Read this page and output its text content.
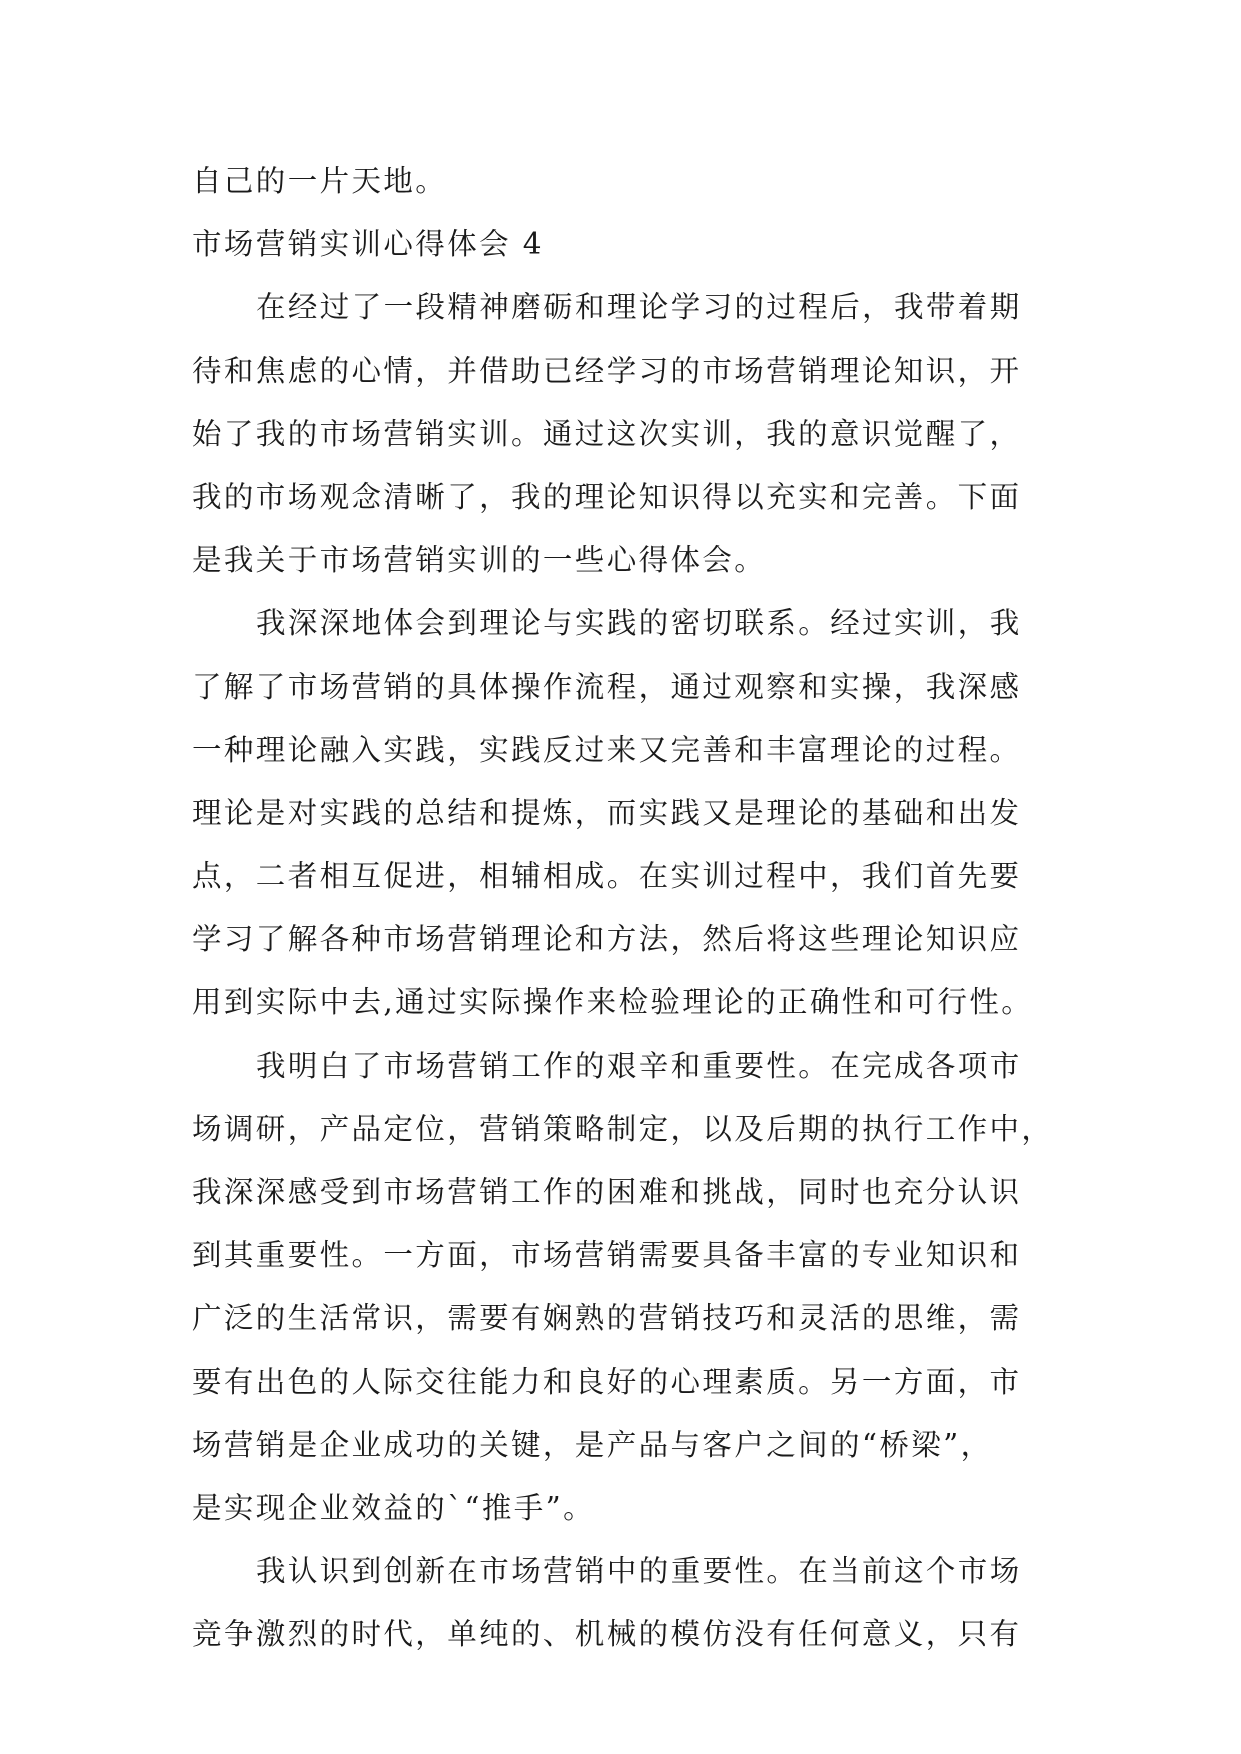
自己的一片天地。
市场营销实训心得体会 4
在经过了一段精神磨砺和理论学习的过程后，我带着期
待和焦虑的心情，并借助已经学习的市场营销理论知识，开
始了我的市场营销实训。通过这次实训，我的意识觉醒了，
我的市场观念清晰了，我的理论知识得以充实和完善。下面
是我关于市场营销实训的一些心得体会。
我深深地体会到理论与实践的密切联系。经过实训，我
了解了市场营销的具体操作流程，通过观察和实操，我深感
一种理论融入实践，实践反过来又完善和丰富理论的过程。
理论是对实践的总结和提炼，而实践又是理论的基础和出发
点，二者相互促进，相辅相成。在实训过程中，我们首先要
学习了解各种市场营销理论和方法，然后将这些理论知识应
用到实际中去,通过实际操作来检验理论的正确性和可行性。
我明白了市场营销工作的艰辛和重要性。在完成各项市
场调研，产品定位，营销策略制定，以及后期的执行工作中，
我深深感受到市场营销工作的困难和挑战，同时也充分认识
到其重要性。一方面，市场营销需要具备丰富的专业知识和
广泛的生活常识，需要有娴熟的营销技巧和灵活的思维，需
要有出色的人际交往能力和良好的心理素质。另一方面，市
场营销是企业成功的关键，是产品与客户之间的“桥梁”，
是实现企业效益的`“推手”。
我认识到创新在市场营销中的重要性。在当前这个市场
竞争激烈的时代，单纯的、机械的模仿没有任何意义，只有
